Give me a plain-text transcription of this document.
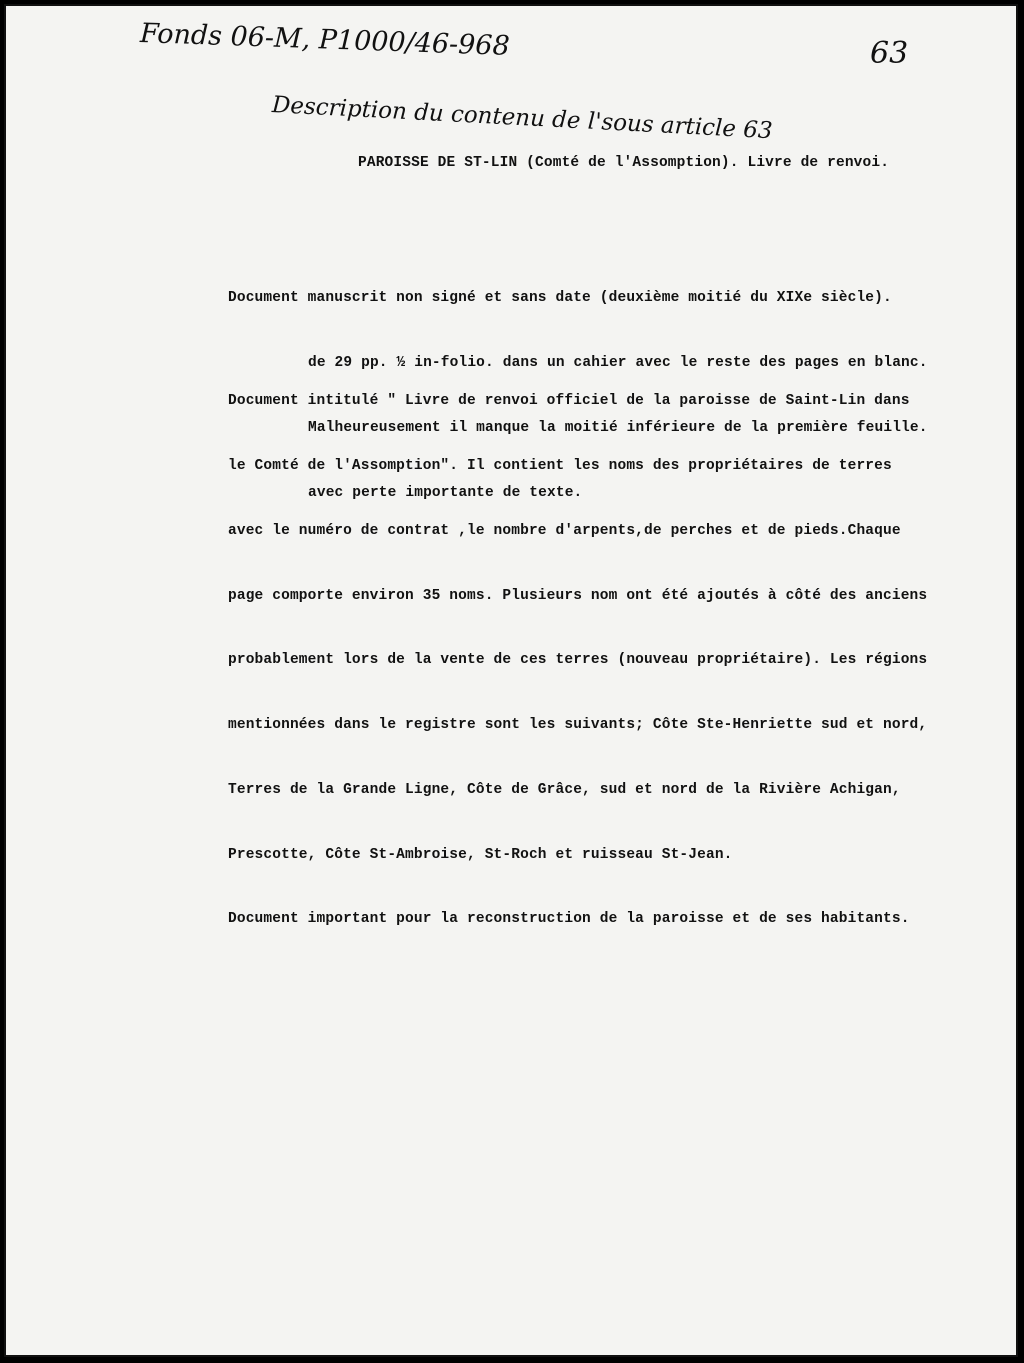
Fonds 06-M, P1000/46-968	63
Description du contenu de l'sous article 63
PAROISSE DE ST-LIN (Comté de l'Assomption). Livre de renvoi.

Document manuscrit non signé et sans date (deuxième moitié du XIXe siècle).

de 29 pp. ½ in-folio. dans un cahier avec le reste des pages en blanc.

Malheureusement il manque la moitié inférieure de la première feuille.

avec perte importante de texte.

Document intitulé " Livre de renvoi officiel de la paroisse de Saint-Lin dans

le Comté de l'Assomption". Il contient les noms des propriétaires de terres

avec le numéro de contrat ,le nombre d'arpents,de perches et de pieds.Chaque

page comporte environ 35 noms. Plusieurs nom ont été ajoutés à côté des anciens

probablement lors de la vente de ces terres (nouveau propriétaire). Les régions

mentionnées dans le registre sont les suivants; Côte Ste-Henriette sud et nord,

Terres de la Grande Ligne, Côte de Grâce, sud et nord de la Rivière Achigan,

Prescotte, Côte St-Ambroise, St-Roch et ruisseau St-Jean.

Document important pour la reconstruction de la paroisse et de ses habitants.
